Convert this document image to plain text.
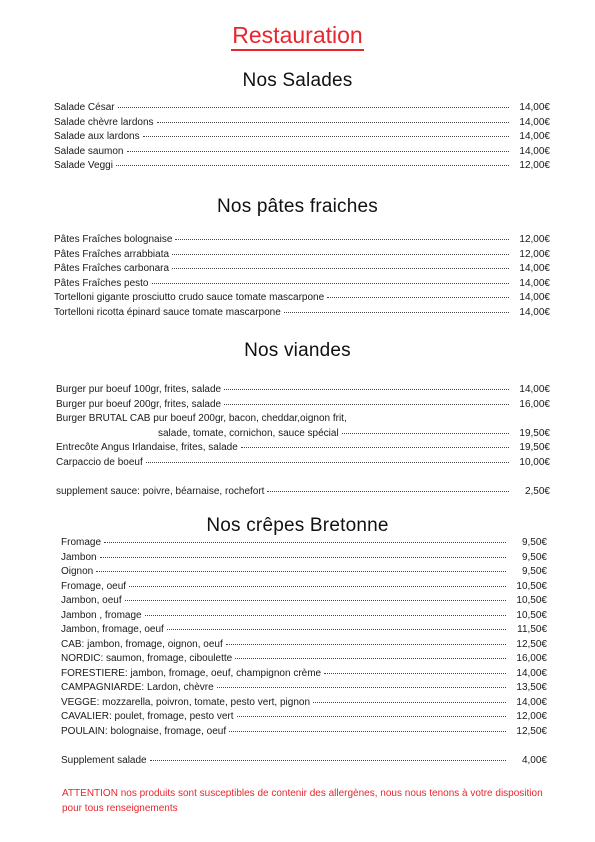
Restauration
Nos Salades
Salade César	14,00€
Salade chèvre lardons	14,00€
Salade aux lardons	14,00€
Salade saumon	14,00€
Salade Veggi	12,00€
Nos pâtes fraiches
Pâtes Fraîches bolognaise	12,00€
Pâtes Fraîches arrabbiata	12,00€
Pâtes Fraîches carbonara	14,00€
Pâtes Fraîches pesto	14,00€
Tortelloni gigante prosciutto crudo sauce tomate mascarpone	14,00€
Tortelloni ricotta épinard sauce tomate mascarpone	14,00€
Nos viandes
Burger pur boeuf 100gr, frites, salade	14,00€
Burger pur boeuf 200gr, frites, salade	16,00€
Burger BRUTAL CAB pur boeuf 200gr, bacon, cheddar,oignon frit,
salade, tomate, cornichon, sauce spécial	19,50€
Entrecôte Angus Irlandaise, frites, salade	19,50€
Carpaccio de boeuf	10,00€
supplement sauce: poivre, béarnaise, rochefort	2,50€
Nos crêpes Bretonne
Fromage	9,50€
Jambon	9,50€
Oignon	9,50€
Fromage, oeuf	10,50€
Jambon, oeuf	10,50€
Jambon , fromage	10,50€
Jambon, fromage, oeuf	11,50€
CAB: jambon, fromage, oignon, oeuf	12,50€
NORDIC: saumon, fromage, ciboulette	16,00€
FORESTIERE: jambon, fromage, oeuf, champignon crème	14,00€
CAMPAGNIARDE: Lardon, chèvre	13,50€
VEGGE: mozzarella, poivron, tomate, pesto vert, pignon	14,00€
CAVALIER: poulet, fromage, pesto vert	12,00€
POULAIN: bolognaise, fromage, oeuf	12,50€
Supplement salade	4,00€
ATTENTION nos produits sont susceptibles de contenir des allergènes, nous nous tenons à votre disposition pour tous renseignements
